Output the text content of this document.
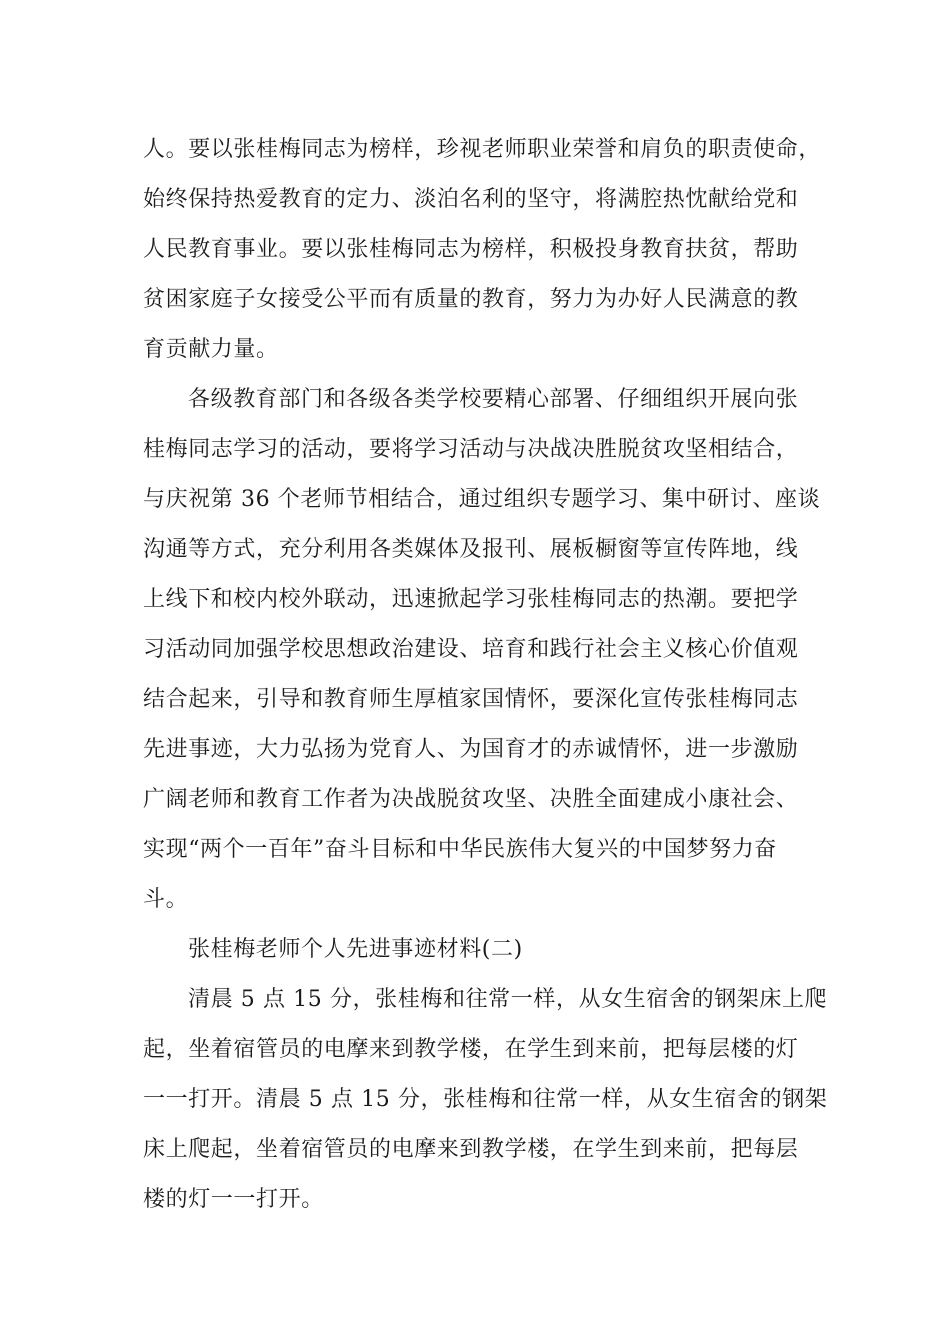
人。要以张桂梅同志为榜样，珍视老师职业荣誉和肩负的职责使命，
始终保持热爱教育的定力、淡泊名利的坚守，将满腔热忱献给党和
人民教育事业。要以张桂梅同志为榜样，积极投身教育扶贫，帮助
贫困家庭子女接受公平而有质量的教育，努力为办好人民满意的教
育贡献力量。
各级教育部门和各级各类学校要精心部署、仔细组织开展向张
桂梅同志学习的活动，要将学习活动与决战决胜脱贫攻坚相结合，
与庆祝第 36 个老师节相结合，通过组织专题学习、集中研讨、座谈
沟通等方式，充分利用各类媒体及报刊、展板橱窗等宣传阵地，线
上线下和校内校外联动，迅速掀起学习张桂梅同志的热潮。要把学
习活动同加强学校思想政治建设、培育和践行社会主义核心价值观
结合起来，引导和教育师生厚植家国情怀，要深化宣传张桂梅同志
先进事迹，大力弘扬为党育人、为国育才的赤诚情怀，进一步激励
广阔老师和教育工作者为决战脱贫攻坚、决胜全面建成小康社会、
实现“两个一百年”奋斗目标和中华民族伟大复兴的中国梦努力奋
斗。
张桂梅老师个人先进事迹材料(二)
清晨 5 点 15 分，张桂梅和往常一样，从女生宿舍的钢架床上爬
起，坐着宿管员的电摩来到教学楼，在学生到来前，把每层楼的灯
一一打开。清晨 5 点 15 分，张桂梅和往常一样，从女生宿舍的钢架
床上爬起，坐着宿管员的电摩来到教学楼，在学生到来前，把每层
楼的灯一一打开。
